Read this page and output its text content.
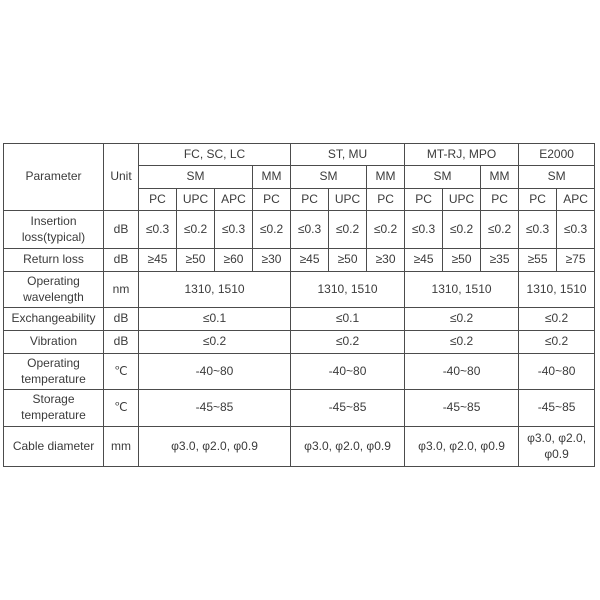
Parameter	Unit	FC, SC, LC				ST, MU			MT-RJ, MPO			E2000	
		SM			MM	SM		MM	SM		MM	SM	
		PC	UPC	APC	PC	PC	UPC	PC	PC	UPC	PC	PC	APC
Insertion loss(typical)	dB	≤0.3	≤0.2	≤0.3	≤0.2	≤0.3	≤0.2	≤0.2	≤0.3	≤0.2	≤0.2	≤0.3	≤0.3
Return loss	dB	≥45	≥50	≥60	≥30	≥45	≥50	≥30	≥45	≥50	≥35	≥55	≥75
Operating wavelength	nm	1310, 1510				1310, 1510			1310, 1510			1310, 1510	
Exchangeability	dB	≤0.1				≤0.1			≤0.2			≤0.2	
Vibration	dB	≤0.2				≤0.2			≤0.2			≤0.2	
Operating temperature	℃	-40~80				-40~80			-40~80			-40~80	
Storage temperature	℃	-45~85				-45~85			-45~85			-45~85	
Cable diameter	mm	φ3.0, φ2.0, φ0.9				φ3.0, φ2.0, φ0.9			φ3.0, φ2.0, φ0.9			φ3.0, φ2.0, φ0.9	
